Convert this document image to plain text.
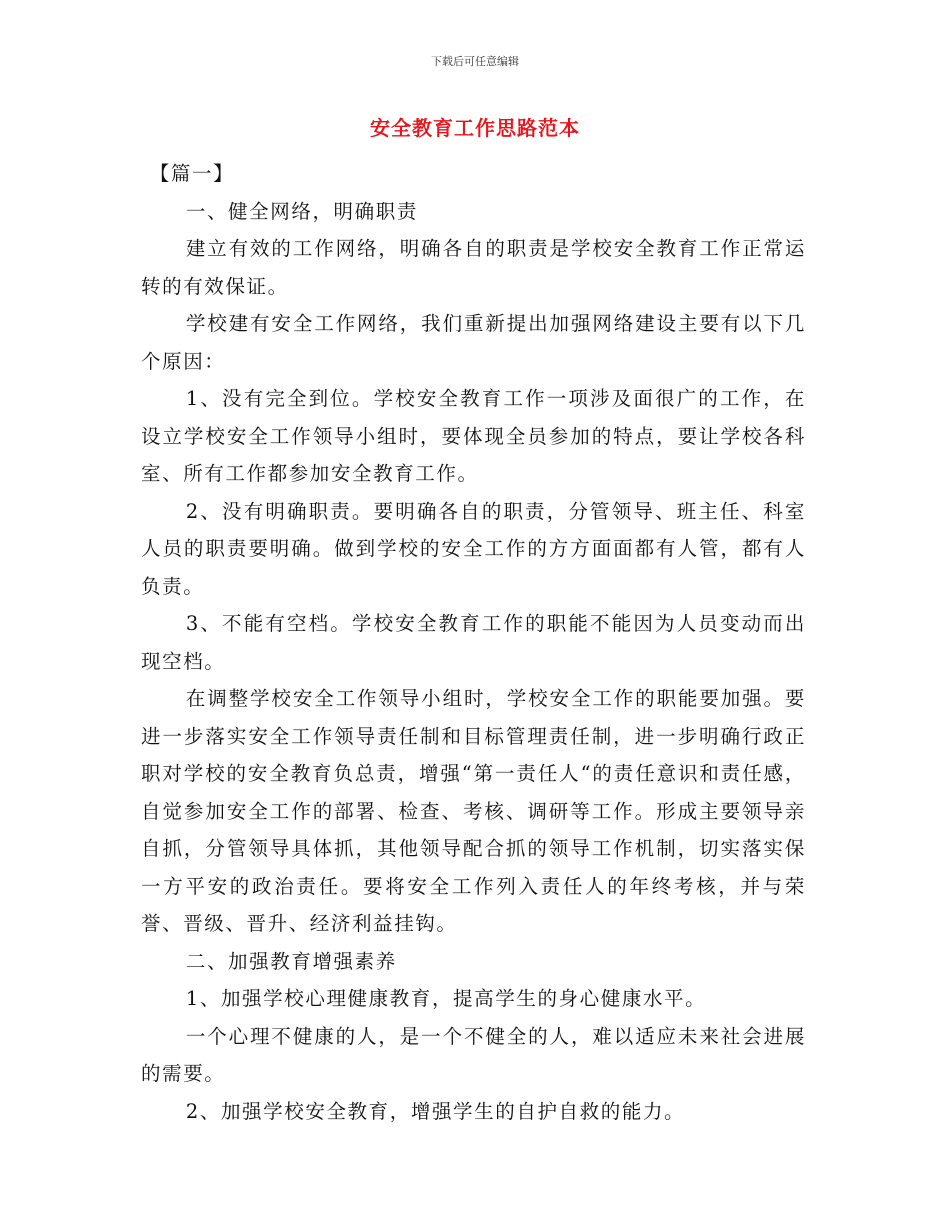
下载后可任意编辑
安全教育工作思路范本

【篇一】

一、健全网络，明确职责

建立有效的工作网络，明确各自的职责是学校安全教育工作正常运转的有效保证。

学校建有安全工作网络，我们重新提出加强网络建设主要有以下几个原因：

1、没有完全到位。学校安全教育工作一项涉及面很广的工作，在设立学校安全工作领导小组时，要体现全员参加的特点，要让学校各科室、所有工作都参加安全教育工作。

2、没有明确职责。要明确各自的职责，分管领导、班主任、科室人员的职责要明确。做到学校的安全工作的方方面面都有人管，都有人负责。

3、不能有空档。学校安全教育工作的职能不能因为人员变动而出现空档。

在调整学校安全工作领导小组时，学校安全工作的职能要加强。要进一步落实安全工作领导责任制和目标管理责任制，进一步明确行政正职对学校的安全教育负总责，增强“第一责任人“的责任意识和责任感，自觉参加安全工作的部署、检查、考核、调研等工作。形成主要领导亲自抓，分管领导具体抓，其他领导配合抓的领导工作机制，切实落实保一方平安的政治责任。要将安全工作列入责任人的年终考核，并与荣誉、晋级、晋升、经济利益挂钩。

二、加强教育增强素养

1、加强学校心理健康教育，提高学生的身心健康水平。

一个心理不健康的人，是一个不健全的人，难以适应未来社会进展的需要。

2、加强学校安全教育，增强学生的自护自救的能力。
